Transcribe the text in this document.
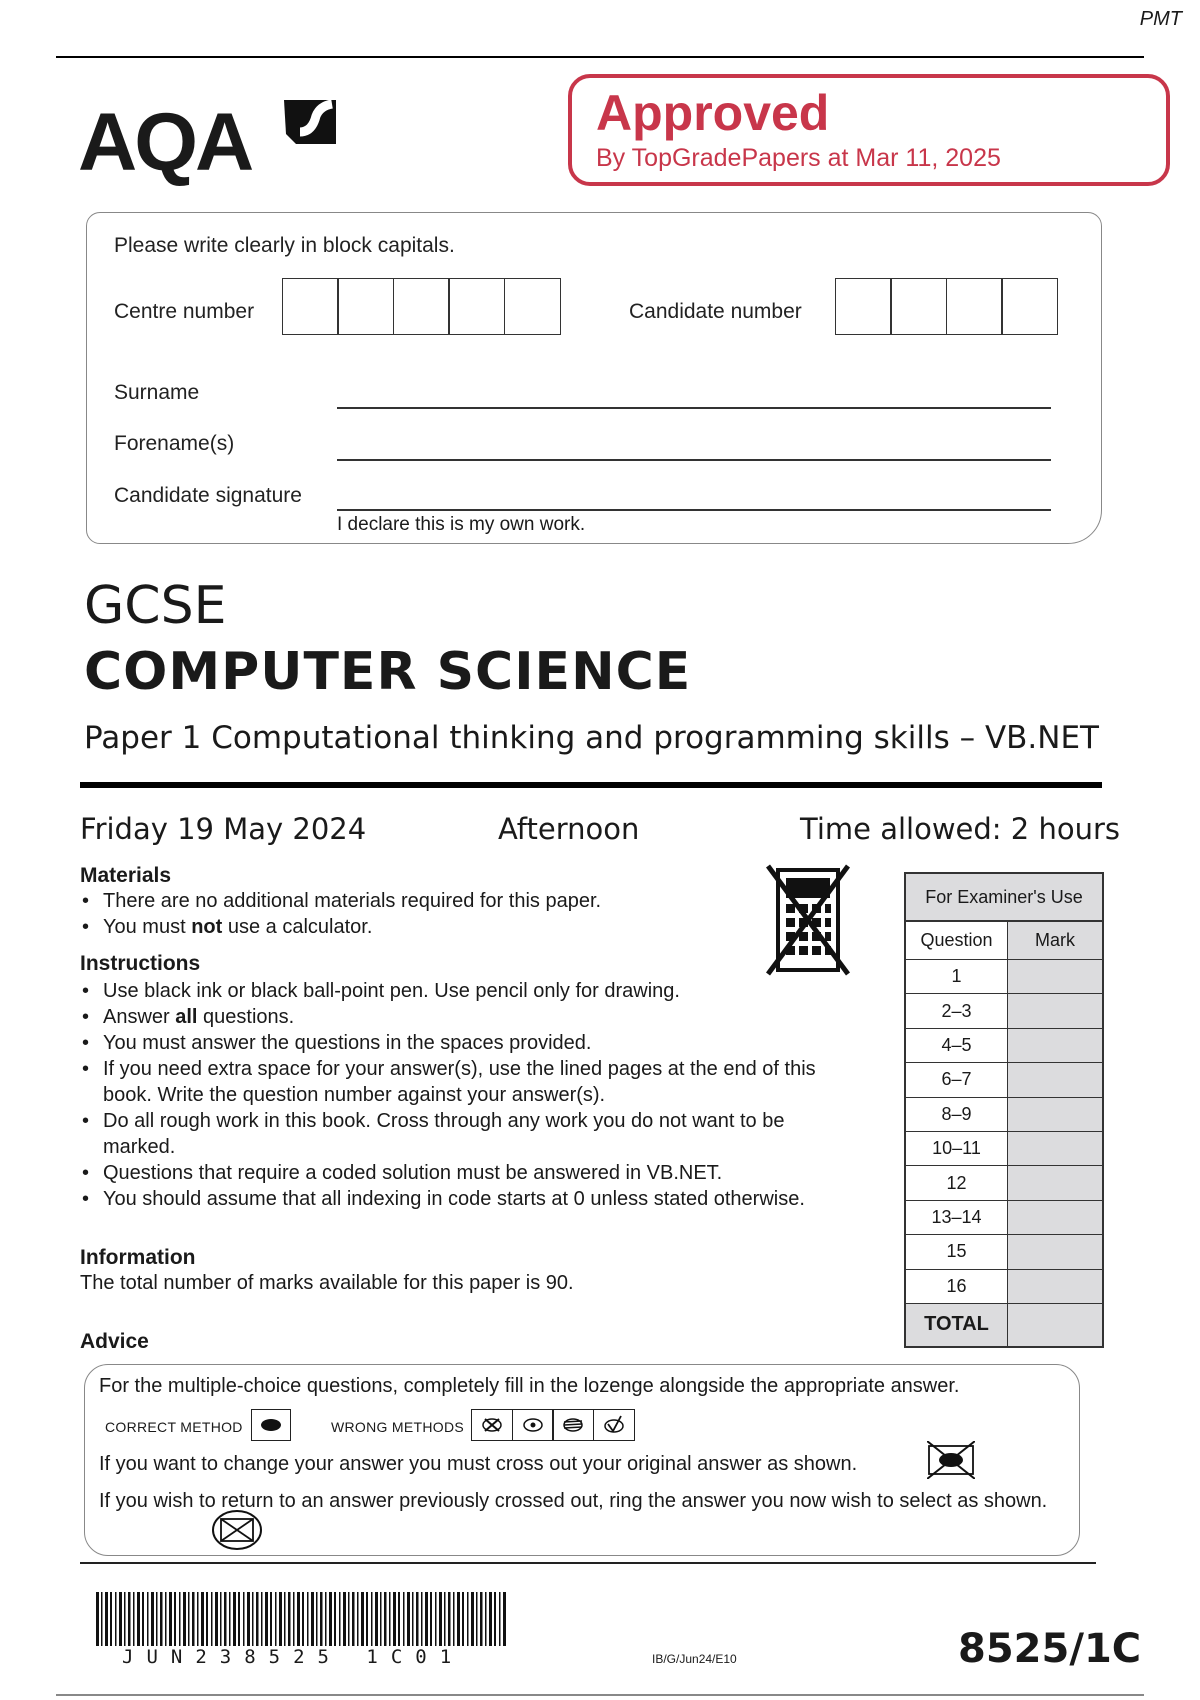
PMT
AQA	Approved
By TopGradePapers at Mar 11, 2025
Please write clearly in block capitals.
Centre number	Candidate number
Surname
Forename(s)
Candidate signature
I declare this is my own work.
GCSE
COMPUTER SCIENCE
Paper 1 Computational thinking and programming skills – VB.NET
Friday 19 May 2024	Afternoon	Time allowed: 2 hours
Materials
• There are no additional materials required for this paper.
• You must not use a calculator.
Instructions
• Use black ink or black ball-point pen. Use pencil only for drawing.
• Answer all questions.
• You must answer the questions in the spaces provided.
• If you need extra space for your answer(s), use the lined pages at the end of this book. Write the question number against your answer(s).
• Do all rough work in this book. Cross through any work you do not want to be marked.
• Questions that require a coded solution must be answered in VB.NET.
• You should assume that all indexing in code starts at 0 unless stated otherwise.
Information
The total number of marks available for this paper is 90.
For Examiner's Use
Question	Mark
1
2–3
4–5
6–7
8–9
10–11
12
13–14
15
16
TOTAL
Advice
For the multiple-choice questions, completely fill in the lozenge alongside the appropriate answer.
CORRECT METHOD	WRONG METHODS
If you want to change your answer you must cross out your original answer as shown.
If you wish to return to an answer previously crossed out, ring the answer you now wish to select as shown.
JUN238525 1C01	IB/G/Jun24/E10	8525/1C
